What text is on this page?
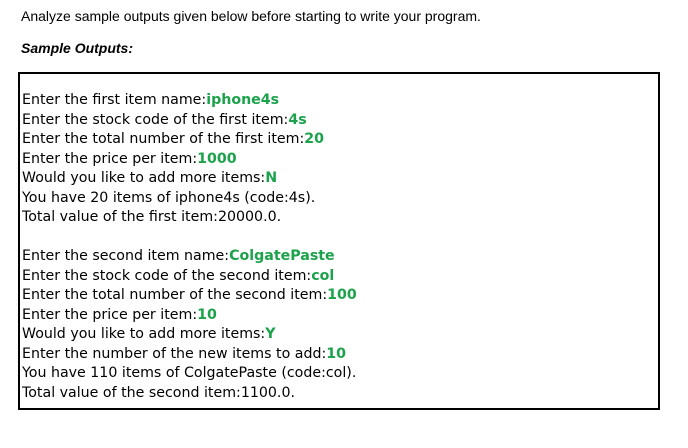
Analyze sample outputs given below before starting to write your program.

Sample Outputs:

Enter the first item name:iphone4s
Enter the stock code of the first item:4s
Enter the total number of the first item:20
Enter the price per item:1000
Would you like to add more items:N
You have 20 items of iphone4s (code:4s).
Total value of the first item:20000.0.
Enter the second item name:ColgatePaste
Enter the stock code of the second item:col
Enter the total number of the second item:100
Enter the price per item:10
Would you like to add more items:Y
Enter the number of the new items to add:10
You have 110 items of ColgatePaste (code:col).
Total value of the second item:1100.0.
